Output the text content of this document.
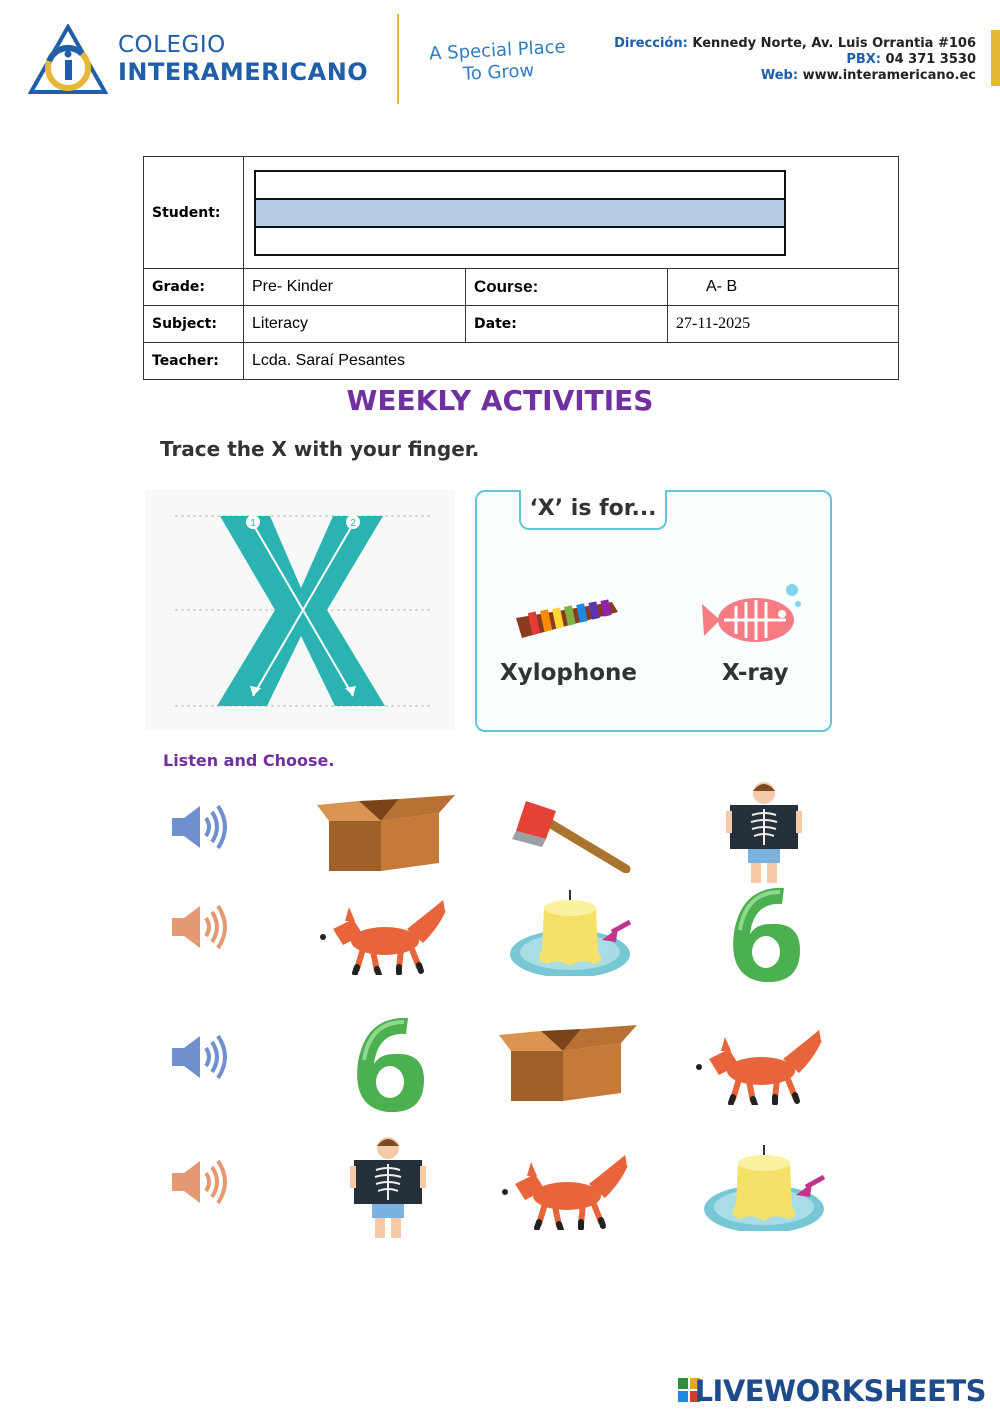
COLEGIO
INTERAMERICANO
A Special Place
To Grow
Dirección: Kennedy Norte, Av. Luis Orrantia #106
PBX: 04 371 3530
Web: www.interamericano.ec
Student:			

Grade:	Pre- Kinder	Course:	A- B
Subject:	Literacy	Date:	27-11-2025
Teacher:	Lcda. Saraí Pesantes		
WEEKLY ACTIVITIES
Trace the X with your finger.
1	2
‘X’ is for...
Xylophone	X-ray
Listen and Choose.
LIVEWORKSHEETS
